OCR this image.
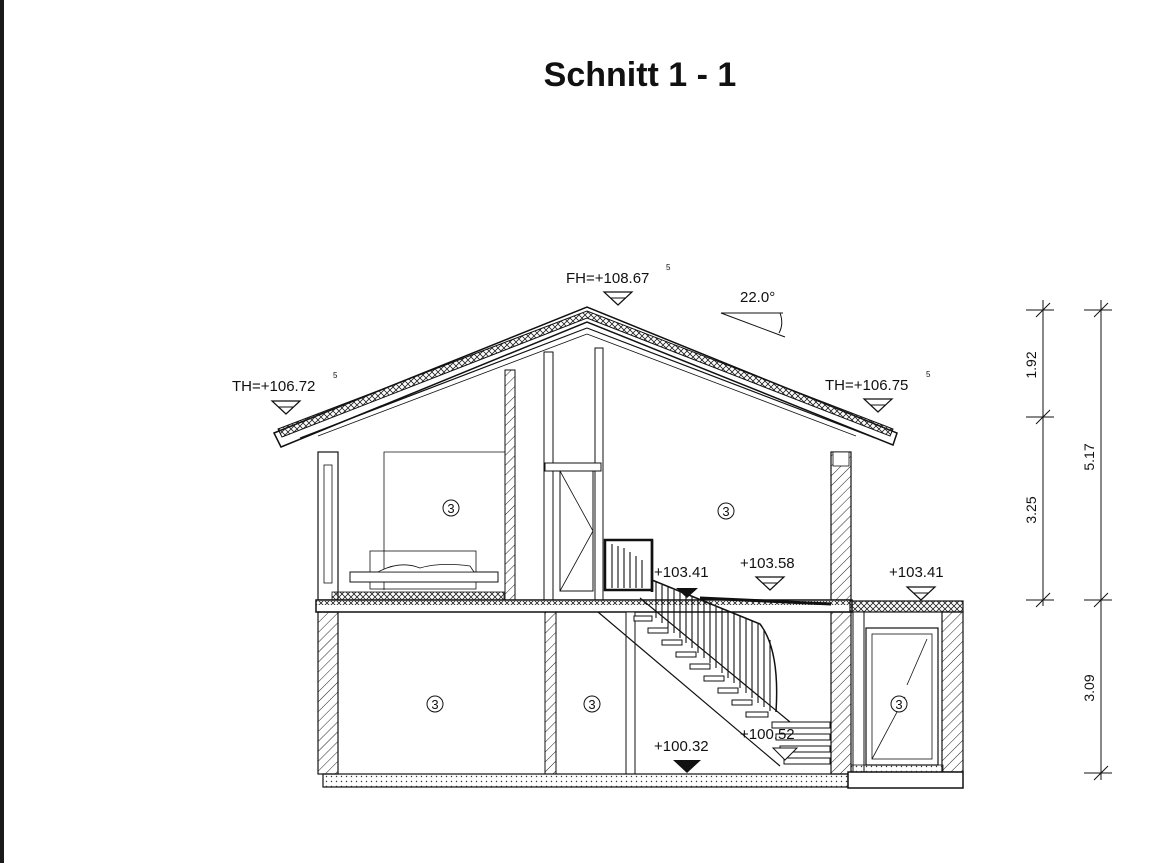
Schnitt 1 - 1
+103.41
+103.58
+103.41
+100.32
+100.52
FH=+108.67
5
TH=+106.72
5
TH=+106.75
5
22.0°
3	3
3	3	3
1.92
3.25
5.17
3.09
